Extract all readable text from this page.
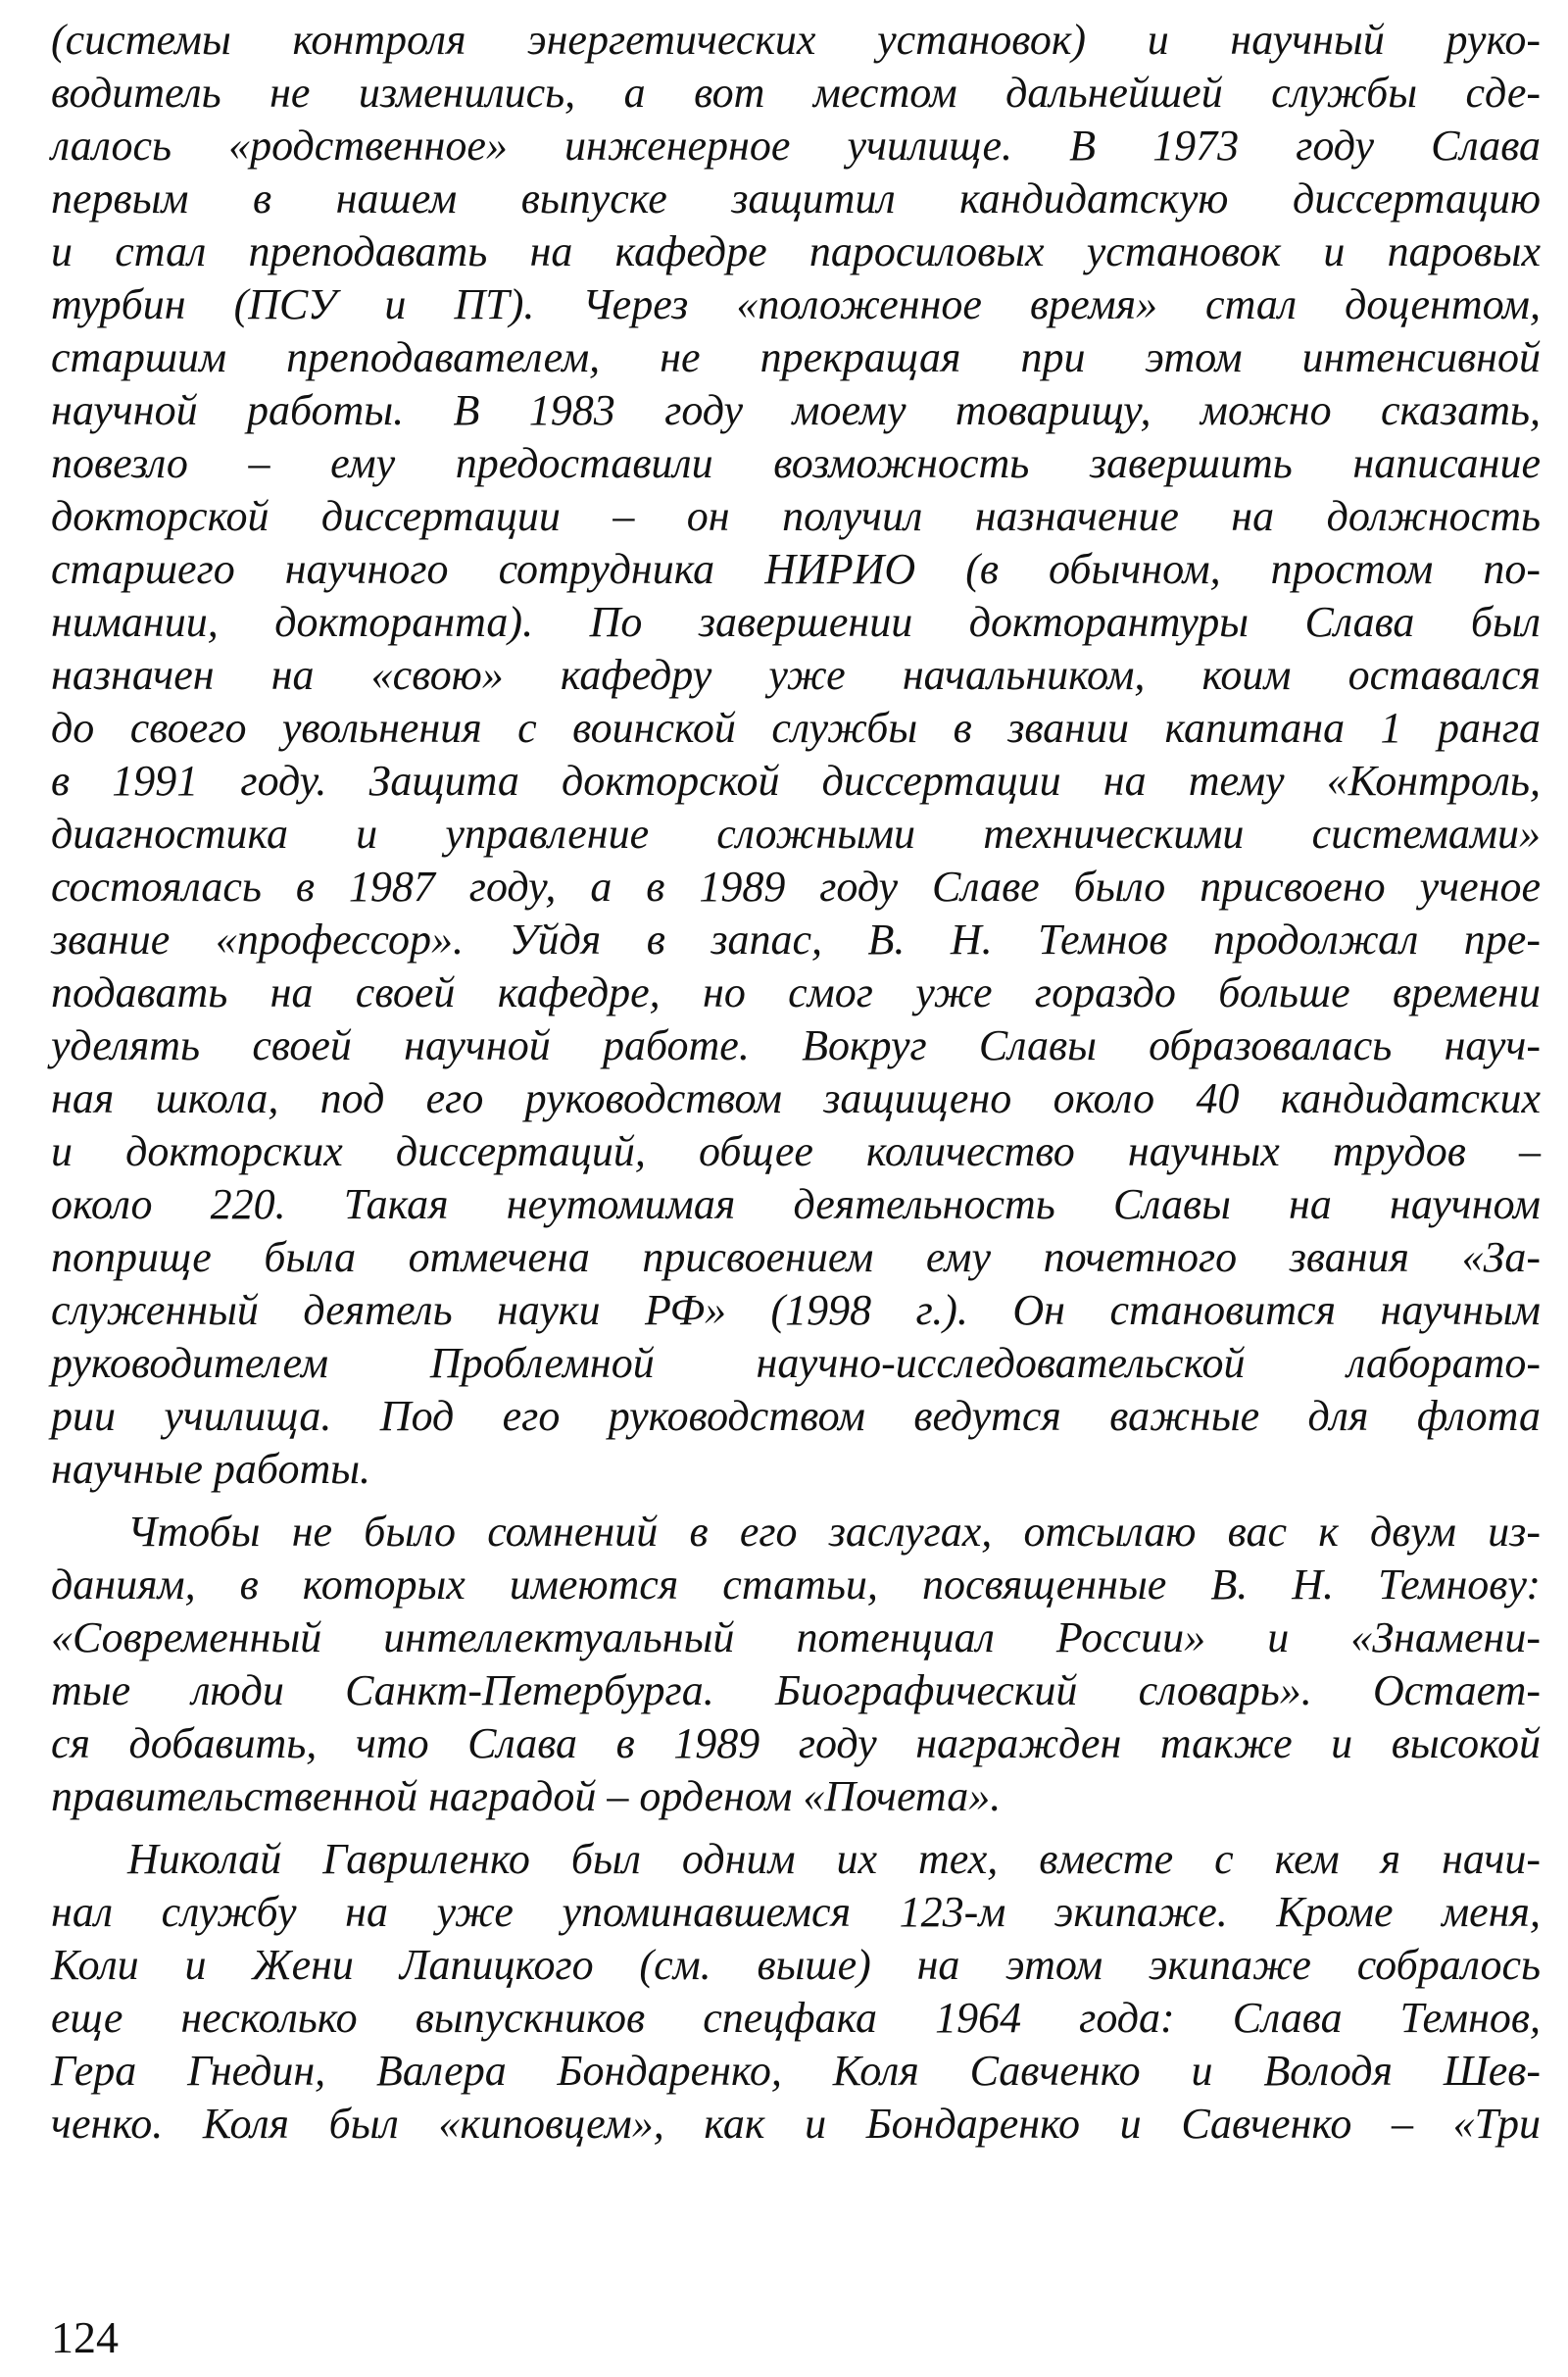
(системы контроля энергетических установок) и научный руко-
водитель не изменились, а вот местом дальнейшей службы сде-
лалось «родственное» инженерное училище. В 1973 году Слава
первым в нашем выпуске защитил кандидатскую диссертацию
и стал преподавать на кафедре паросиловых установок и паровых
турбин (ПСУ и ПТ). Через «положенное время» стал доцентом,
старшим преподавателем, не прекращая при этом интенсивной
научной работы. В 1983 году моему товарищу, можно сказать,
повезло – ему предоставили возможность завершить написание
докторской диссертации – он получил назначение на должность
старшего научного сотрудника НИРИО (в обычном, простом по-
нимании, докторанта). По завершении докторантуры Слава был
назначен на «свою» кафедру уже начальником, коим оставался
до своего увольнения с воинской службы в звании капитана 1 ранга
в 1991 году. Защита докторской диссертации на тему «Контроль,
диагностика и управление сложными техническими системами»
состоялась в 1987 году, а в 1989 году Славе было присвоено ученое
звание «профессор». Уйдя в запас, В. Н. Темнов продолжал пре-
подавать на своей кафедре, но смог уже гораздо больше времени
уделять своей научной работе. Вокруг Славы образовалась науч-
ная школа, под его руководством защищено около 40 кандидатских
и докторских диссертаций, общее количество научных трудов –
около 220. Такая неутомимая деятельность Славы на научном
поприще была отмечена присвоением ему почетного звания «За-
служенный деятель науки РФ» (1998 г.). Он становится научным
руководителем Проблемной научно-исследовательской лаборато-
рии училища. Под его руководством ведутся важные для флота
научные работы.
Чтобы не было сомнений в его заслугах, отсылаю вас к двум из-
даниям, в которых имеются статьи, посвященные В. Н. Темнову:
«Современный интеллектуальный потенциал России» и «Знамени-
тые люди Санкт-Петербурга. Биографический словарь». Остает-
ся добавить, что Слава в 1989 году награжден также и высокой
правительственной наградой – орденом «Почета».
Николай Гавриленко был одним их тех, вместе с кем я начи-
нал службу на уже упоминавшемся 123-м экипаже. Кроме меня,
Коли и Жени Лапицкого (см. выше) на этом экипаже собралось
еще несколько выпускников спецфака 1964 года: Слава Темнов,
Гера Гнедин, Валера Бондаренко, Коля Савченко и Володя Шев-
ченко. Коля был «киповцем», как и Бондаренко и Савченко – «Три
124
